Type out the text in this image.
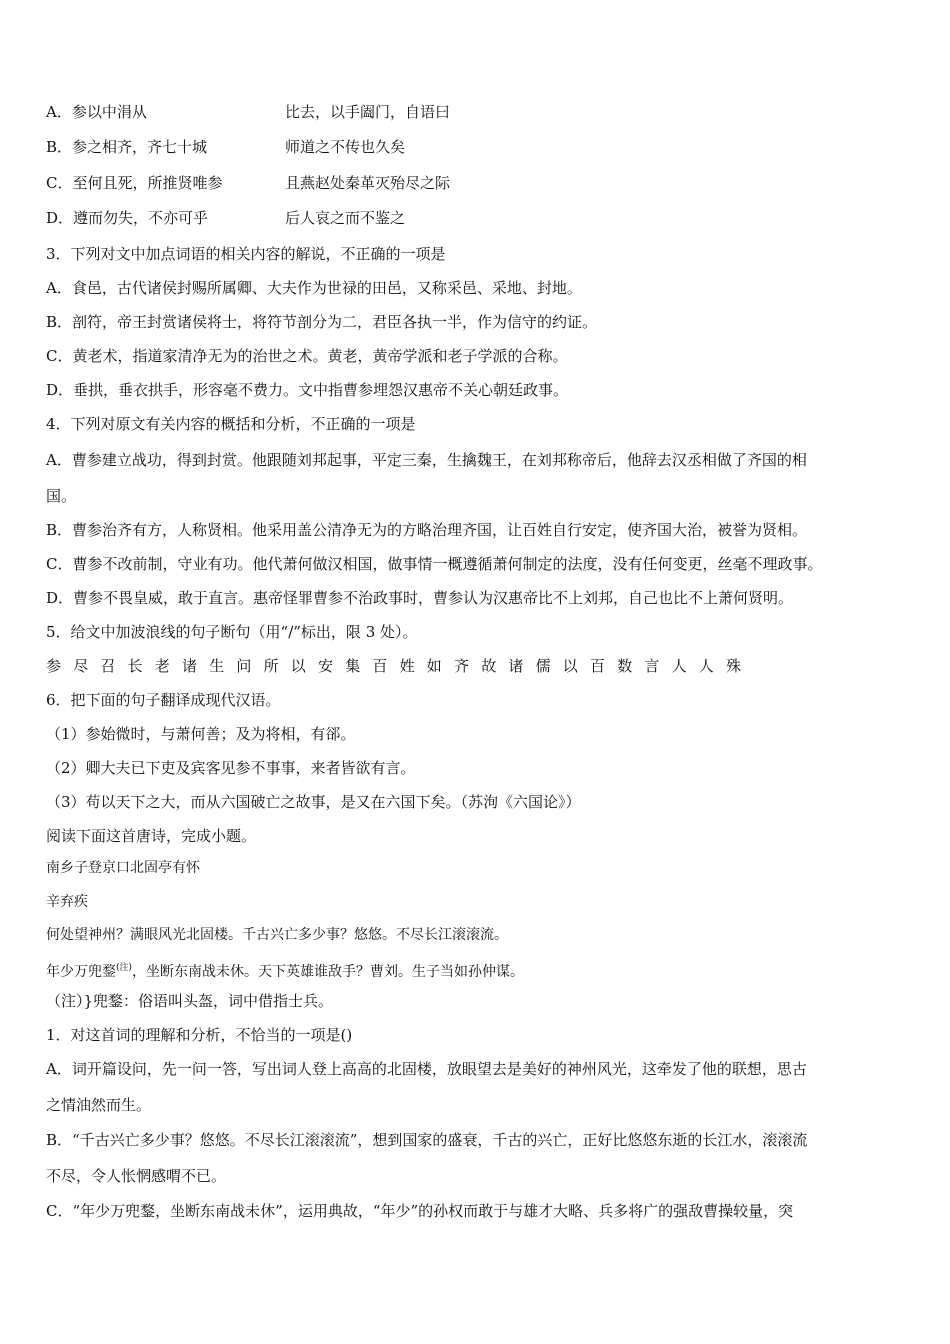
A．参以中涓从	比去，以手阖门，自语曰
B．参之相齐，齐七十城	师道之不传也久矣
C．至何且死，所推贤唯参	且燕赵处秦革灭殆尽之际
D．遵而勿失，不亦可乎	后人哀之而不鉴之
3．下列对文中加点词语的相关内容的解说，不正确的一项是
A．食邑，古代诸侯封赐所属卿、大夫作为世禄的田邑，又称采邑、采地、封地。
B．剖符，帝王封赏诸侯将士，将符节剖分为二，君臣各执一半，作为信守的约证。
C．黄老术，指道家清净无为的治世之术。黄老，黄帝学派和老子学派的合称。
D．垂拱，垂衣拱手，形容毫不费力。文中指曹参埋怨汉惠帝不关心朝廷政事。
4．下列对原文有关内容的概括和分析，不正确的一项是
A．曹参建立战功，得到封赏。他跟随刘邦起事，平定三秦，生擒魏王，在刘邦称帝后，他辞去汉丞相做了齐国的相
国。
B．曹参治齐有方，人称贤相。他采用盖公清净无为的方略治理齐国，让百姓自行安定，使齐国大治，被誉为贤相。
C．曹参不改前制，守业有功。他代萧何做汉相国，做事情一概遵循萧何制定的法度，没有任何变更，丝毫不理政事。
D．曹参不畏皇威，敢于直言。惠帝怪罪曹参不治政事时，曹参认为汉惠帝比不上刘邦，自己也比不上萧何贤明。
5．给文中加波浪线的句子断句（用“/”标出，限 3 处）。
参尽召长老诸生问所以安集百姓如齐故诸儒以百数言人人殊
6．把下面的句子翻译成现代汉语。
（1）参始微时，与萧何善；及为将相，有郤。
（2）卿大夫已下吏及宾客见参不事事，来者皆欲有言。
（3）苟以天下之大，而从六国破亡之故事，是又在六国下矣。（苏洵《六国论》）
阅读下面这首唐诗，完成小题。
南乡子登京口北固亭有怀
辛弃疾
何处望神州？满眼风光北固楼。千古兴亡多少事？悠悠。不尽长江滚滚流。
年少万兜鍪$^{(注)}$，坐断东南战未休。天下英雄谁敌手？曹刘。生子当如孙仲谋。
（注）}兜鍪：俗语叫头盔，词中借指士兵。
1．对这首词的理解和分析，不恰当的一项是()
A．词开篇设问，先一问一答，写出词人登上高高的北固楼，放眼望去是美好的神州风光，这牵发了他的联想，思古
之情油然而生。
B．“千古兴亡多少事？悠悠。不尽长江滚滚流”，想到国家的盛衰，千古的兴亡，正好比悠悠东逝的长江水，滚滚流
不尽，令人怅惘感喟不已。
C．“年少万兜鍪，坐断东南战未休”，运用典故，“年少”的孙权而敢于与雄才大略、兵多将广的强敌曹操较量，突
